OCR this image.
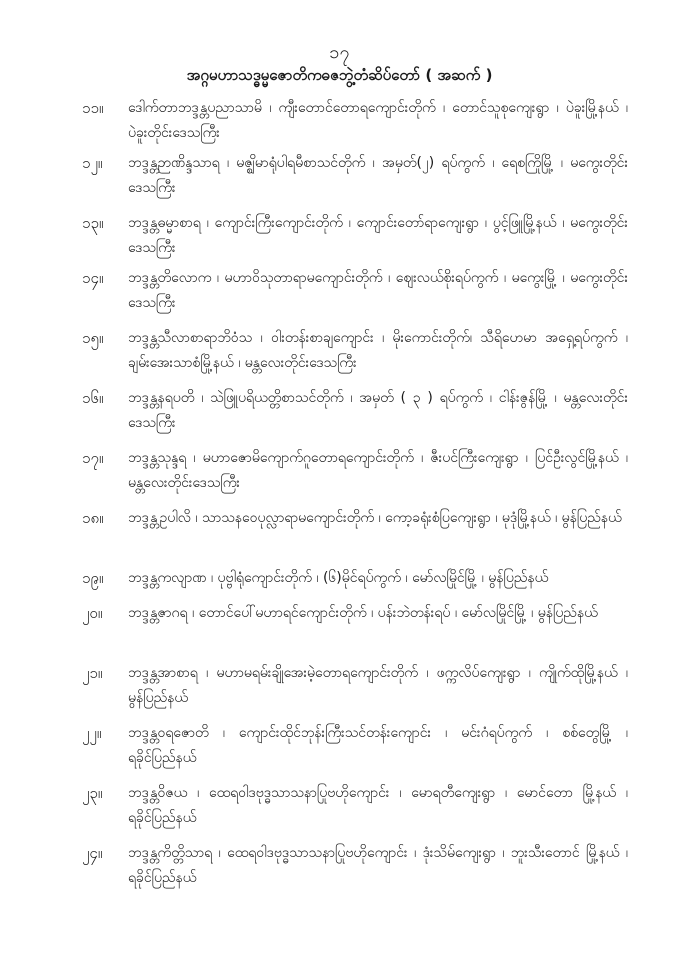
၁၇
အဂ္ဂမဟာသဒ္ဓမ္မဇောတိကဓဇဘွဲ့တံဆိပ်တော် ( အဆက် )
၁၁။	ဒေါက်တာဘဒ္ဒန္တပညာသာမိ ၊ ကျီးတောင်တောရကျောင်းတိုက် ၊ တောင်သူစုကျေးရွာ ၊ ပဲခူးမြို့နယ် ၊ ပဲခူးတိုင်းဒေသကြီး
၁၂။	ဘဒ္ဒန္တဉာဏိန္ဒသာရ ၊ မဇ္ဈိမာရုံပါရမီစာသင်တိုက် ၊ အမှတ်(၂) ရပ်ကွက် ၊ ရေစကြိုမြို့ ၊ မကွေးတိုင်းဒေသကြီး
၁၃။	ဘဒ္ဒန္တဓမ္မာစာရ ၊ ကျောင်းကြီးကျောင်းတိုက် ၊ ကျောင်းတော်ရာကျေးရွာ ၊ ပွင့်ဖြူမြို့နယ် ၊ မကွေးတိုင်းဒေသကြီး
၁၄။	ဘဒ္ဒန္တတိလောက ၊ မဟာဝိသုတာရာမကျောင်းတိုက် ၊ ဈေးလယ်စိုးရပ်ကွက် ၊ မကွေးမြို့ ၊ မကွေးတိုင်းဒေသကြီး
၁၅။	ဘဒ္ဒန္တသီလာစာရာဘိဝံသ ၊ ဝါးတန်းစာချကျောင်း ၊ မိုးကောင်းတိုက်၊ သီရိဟေမာ အရှေ့ရပ်ကွက် ၊ချမ်းအေးသာစံမြို့နယ် ၊ မန္တလေးတိုင်းဒေသကြီး
၁၆။	ဘဒ္ဒန္တနရပတိ ၊ သဲဖြူပရိယတ္တိစာသင်တိုက် ၊ အမှတ် ( ၃ ) ရပ်ကွက် ၊ ငါန်းဇွန်မြို့ ၊ မန္တလေးတိုင်းဒေသကြီး
၁၇။	ဘဒ္ဒန္တသုန္ဒရ ၊ မဟာဇောမိကျောက်ဂူတောရကျောင်းတိုက် ၊ ဇီးပင်ကြီးကျေးရွာ ၊ ပြင်ဦးလွင်မြို့နယ် ၊ မန္တလေးတိုင်းဒေသကြီး
၁၈။	ဘဒ္ဒန္တဥပါလိ ၊ သာသနဝေပုလ္လာရာမကျောင်းတိုက် ၊ ကော့ခရုံးစံပြကျေးရွာ ၊ မုဒုံမြို့နယ် ၊ မွန်ပြည်နယ်
၁၉။	ဘဒ္ဒန္တကလျာဏ ၊ ပုဗ္ဗါရုံကျောင်းတိုက် ၊ (၆)မိုင်ရပ်ကွက် ၊ မော်လမြိုင်မြို့ ၊ မွန်ပြည်နယ်
၂၀။	ဘဒ္ဒန္တဇာဂရ ၊ တောင်ပေါ်မဟာရင်ကျောင်းတိုက် ၊ ပန်းဘဲတန်းရပ် ၊ မော်လမြိုင်မြို့ ၊ မွန်ပြည်နယ်
၂၁။	ဘဒ္ဒန္တအာစာရ ၊ မဟာမရမ်းချိုအေးမဲ့တောရကျောင်းတိုက် ၊ ဖက္ကလိပ်ကျေးရွာ ၊ ကျိုက်ထိုမြို့နယ် ၊ မွန်ပြည်နယ်
၂၂။	ဘဒ္ဒန္တဝရဇောတိ ၊ ကျောင်းထိုင်ဘုန်းကြီးသင်တန်းကျောင်း ၊ မင်းဂံရပ်ကွက် ၊ စစ်တွေမြို့ ၊ ရခိုင်ပြည်နယ်
၂၃။	ဘဒ္ဒန္တဝိဇယ ၊ ထေရဝါဒဗုဒ္ဓသာသနာပြုဗဟိုကျောင်း ၊ မောရတီကျေးရွာ ၊ မောင်တော မြို့နယ် ၊ ရခိုင်ပြည်နယ်
၂၄။	ဘဒ္ဒန္တကိတ္တိသာရ ၊ ထေရဝါဒဗုဒ္ဓသာသနာပြုဗဟိုကျောင်း ၊ ဒုံးသိမ်ကျေးရွာ ၊ ဘူးသီးတောင် မြို့နယ် ၊ ရခိုင်ပြည်နယ်
